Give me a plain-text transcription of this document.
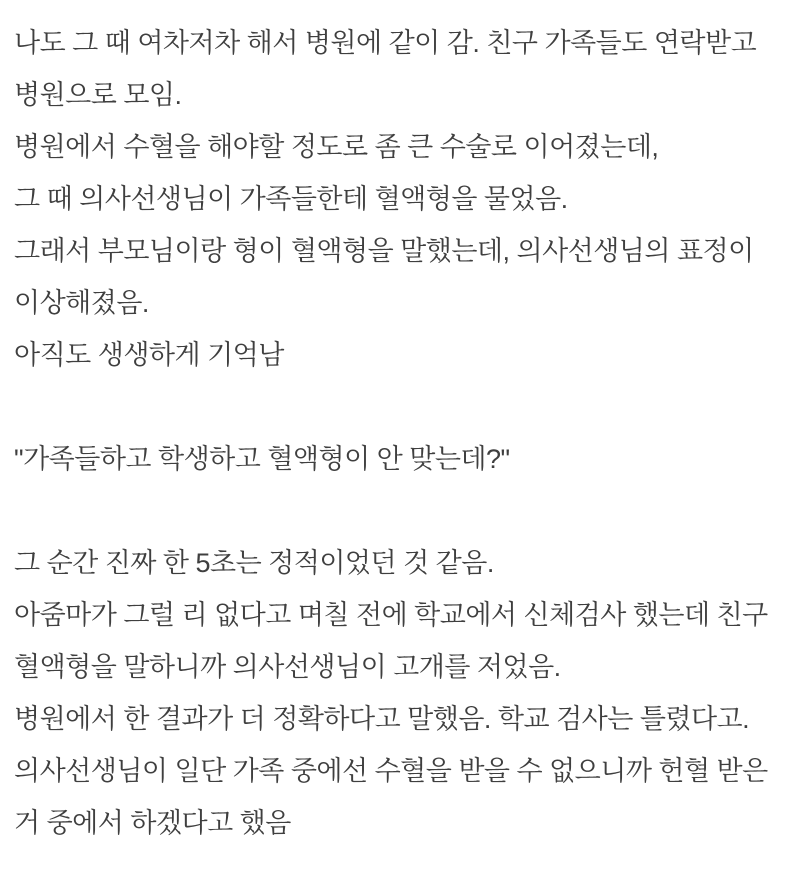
나도 그 때 여차저차 해서 병원에 같이 감. 친구 가족들도 연락받고
병원으로 모임.
병원에서 수혈을 해야할 정도로 좀 큰 수술로 이어졌는데,
그 때 의사선생님이 가족들한테 혈액형을 물었음.
그래서 부모님이랑 형이 혈액형을 말했는데, 의사선생님의 표정이
이상해졌음.
아직도 생생하게 기억남
"가족들하고 학생하고 혈액형이 안 맞는데?"
그 순간 진짜 한 5초는 정적이었던 것 같음.
아줌마가 그럴 리 없다고 며칠 전에 학교에서 신체검사 했는데 친구
혈액형을 말하니까 의사선생님이 고개를 저었음.
병원에서 한 결과가 더 정확하다고 말했음. 학교 검사는 틀렸다고.
의사선생님이 일단 가족 중에선 수혈을 받을 수 없으니까 헌혈 받은
거 중에서 하겠다고 했음
